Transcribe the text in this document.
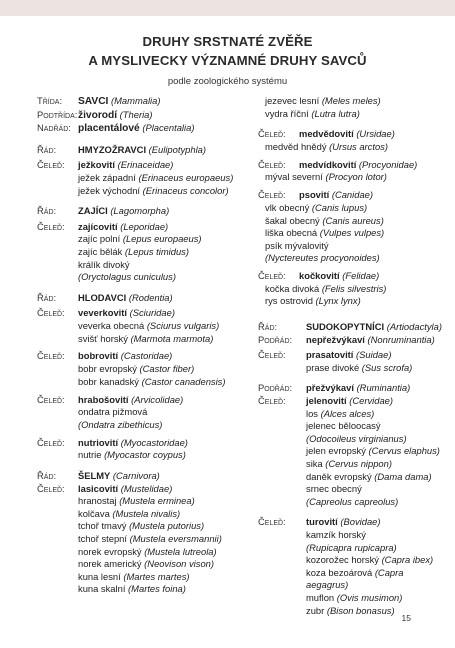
DRUHY SRSTNATÉ ZVĚŘE
A MYSLIVECKY VÝZNAMNÉ DRUHY SAVCŮ
podle zoologického systému
Třída:	SAVCI (Mammalia)
Podtřída: živorodí (Theria)
Nadřád: placentálové (Placentalia)
Řád:	HMYZOŽRAVCI (Eulipotyphla)
Čeleď:	ježkovití (Erinaceidae)
ježek západní (Erinaceus europaeus)
ježek východní (Erinaceus concolor)
Řád:	ZAJÍCI (Lagomorpha)
Čeleď:	zajícovití (Leporidae)
zajíc polní (Lepus europaeus)
zajíc bělák (Lepus timidus)
králík divoký
(Oryctolagus cuniculus)
Řád:	HLODAVCI (Rodentia)
Čeleď:	veverkovití (Sciuridae)
veverka obecná (Sciurus vulgaris)
svišť horský (Marmota marmota)
Čeleď:	bobrovití (Castoridae)
bobr evropský (Castor fiber)
bobr kanadský (Castor canadensis)
Čeleď:	hrabošovití (Arvicolidae)
ondatra pižmová
(Ondatra zibethicus)
Čeleď:	nutriovití (Myocastoridae)
nutrie (Myocastor coypus)
Řád:	ŠELMY (Carnivora)
Čeleď:	lasicovití (Mustelidae)
hranostaj (Mustela erminea)
kolčava (Mustela nivalis)
tchoř tmavý (Mustela putorius)
tchoř stepní (Mustela eversmannii)
norek evropský (Mustela lutreola)
norek americký (Neovison vison)
kuna lesní (Martes martes)
kuna skalní (Martes foina)
jezevec lesní (Meles meles)
vydra říční (Lutra lutra)
Čeleď:	medvědovití (Ursidae)
medvěd hnědý (Ursus arctos)
Čeleď:	medvídkovití (Procyonidae)
mýval severní (Procyon lotor)
Čeleď:	psovití (Canidae)
vlk obecný (Canis lupus)
šakal obecný (Canis aureus)
liška obecná (Vulpes vulpes)
psík mývalovitý
(Nyctereutes procyonoides)
Čeleď:	kočkovití (Felidae)
kočka divoká (Felis silvestris)
rys ostrovid (Lynx lynx)
Řád:	SUDOKOPYTNÍCI (Artiodactyla)
Podřád:	nepřežvýkaví (Nonruminantia)
Čeleď:	prasatovití (Suidae)
prase divoké (Sus scrofa)
Podřád:	přežvýkaví (Ruminantia)
Čeleď:	jelenovití (Cervidae)
los (Alces alces)
jelenec běloocasý
(Odocoileus virginianus)
jelen evropský (Cervus elaphus)
sika (Cervus nippon)
daněk evropský (Dama dama)
srnec obecný
(Capreolus capreolus)
Čeleď:	turovití (Bovidae)
kamzík horský
(Rupicapra rupicapra)
kozorožec horský (Capra ibex)
koza bezoárová (Capra aegagrus)
muflon (Ovis musimon)
zubr (Bison bonasus)
15
